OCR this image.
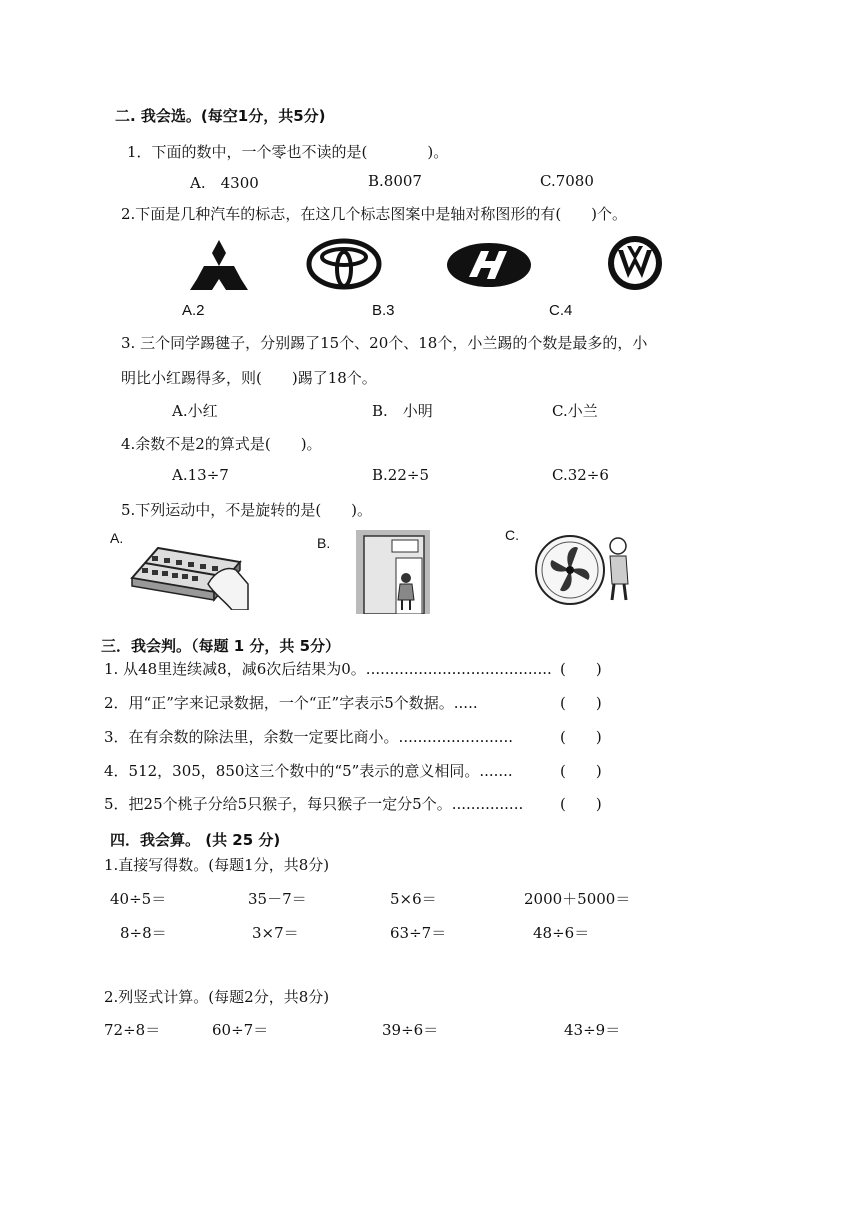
二. 我会选。(每空1分，共5分)
1．下面的数中，一个零也不读的是(　　　　)。
A.　4300	B.8007	C.7080
2.下面是几种汽车的标志，在这几个标志图案中是轴对称图形的有(　　)个。
A.2	B.3	C.4
3. 三个同学踢毽子，分别踢了15个、20个、18个，小兰踢的个数是最多的，小
明比小红踢得多，则(　　)踢了18个。
A.小红	B.　小明	C.小兰
4.余数不是2的算式是(　　)。
A.13÷7	B.22÷5	C.32÷6
5.下列运动中，不是旋转的是(　　)。
A.	B.	C.
三．我会判。（每题 1 分，共 5分）
1. 从48里连续减8，减6次后结果为0。....................................... (　　)
2．用“正”字来记录数据，一个“正”字表示5个数据。.....	(　　)
3．在有余数的除法里，余数一定要比商小。........................	(　　)
4．512，305，850这三个数中的“5”表示的意义相同。.......	(　　)
5．把25个桃子分给5只猴子，每只猴子一定分5个。............... (　　)
四．我会算。 (共 25 分)
1.直接写得数。(每题1分，共8分)
40÷5＝	35－7＝	5×6＝	2000＋5000＝
8÷8＝	3×7＝	63÷7＝	48÷6＝
2.列竖式计算。(每题2分，共8分)
72÷8＝	60÷7＝	39÷6＝	43÷9＝
